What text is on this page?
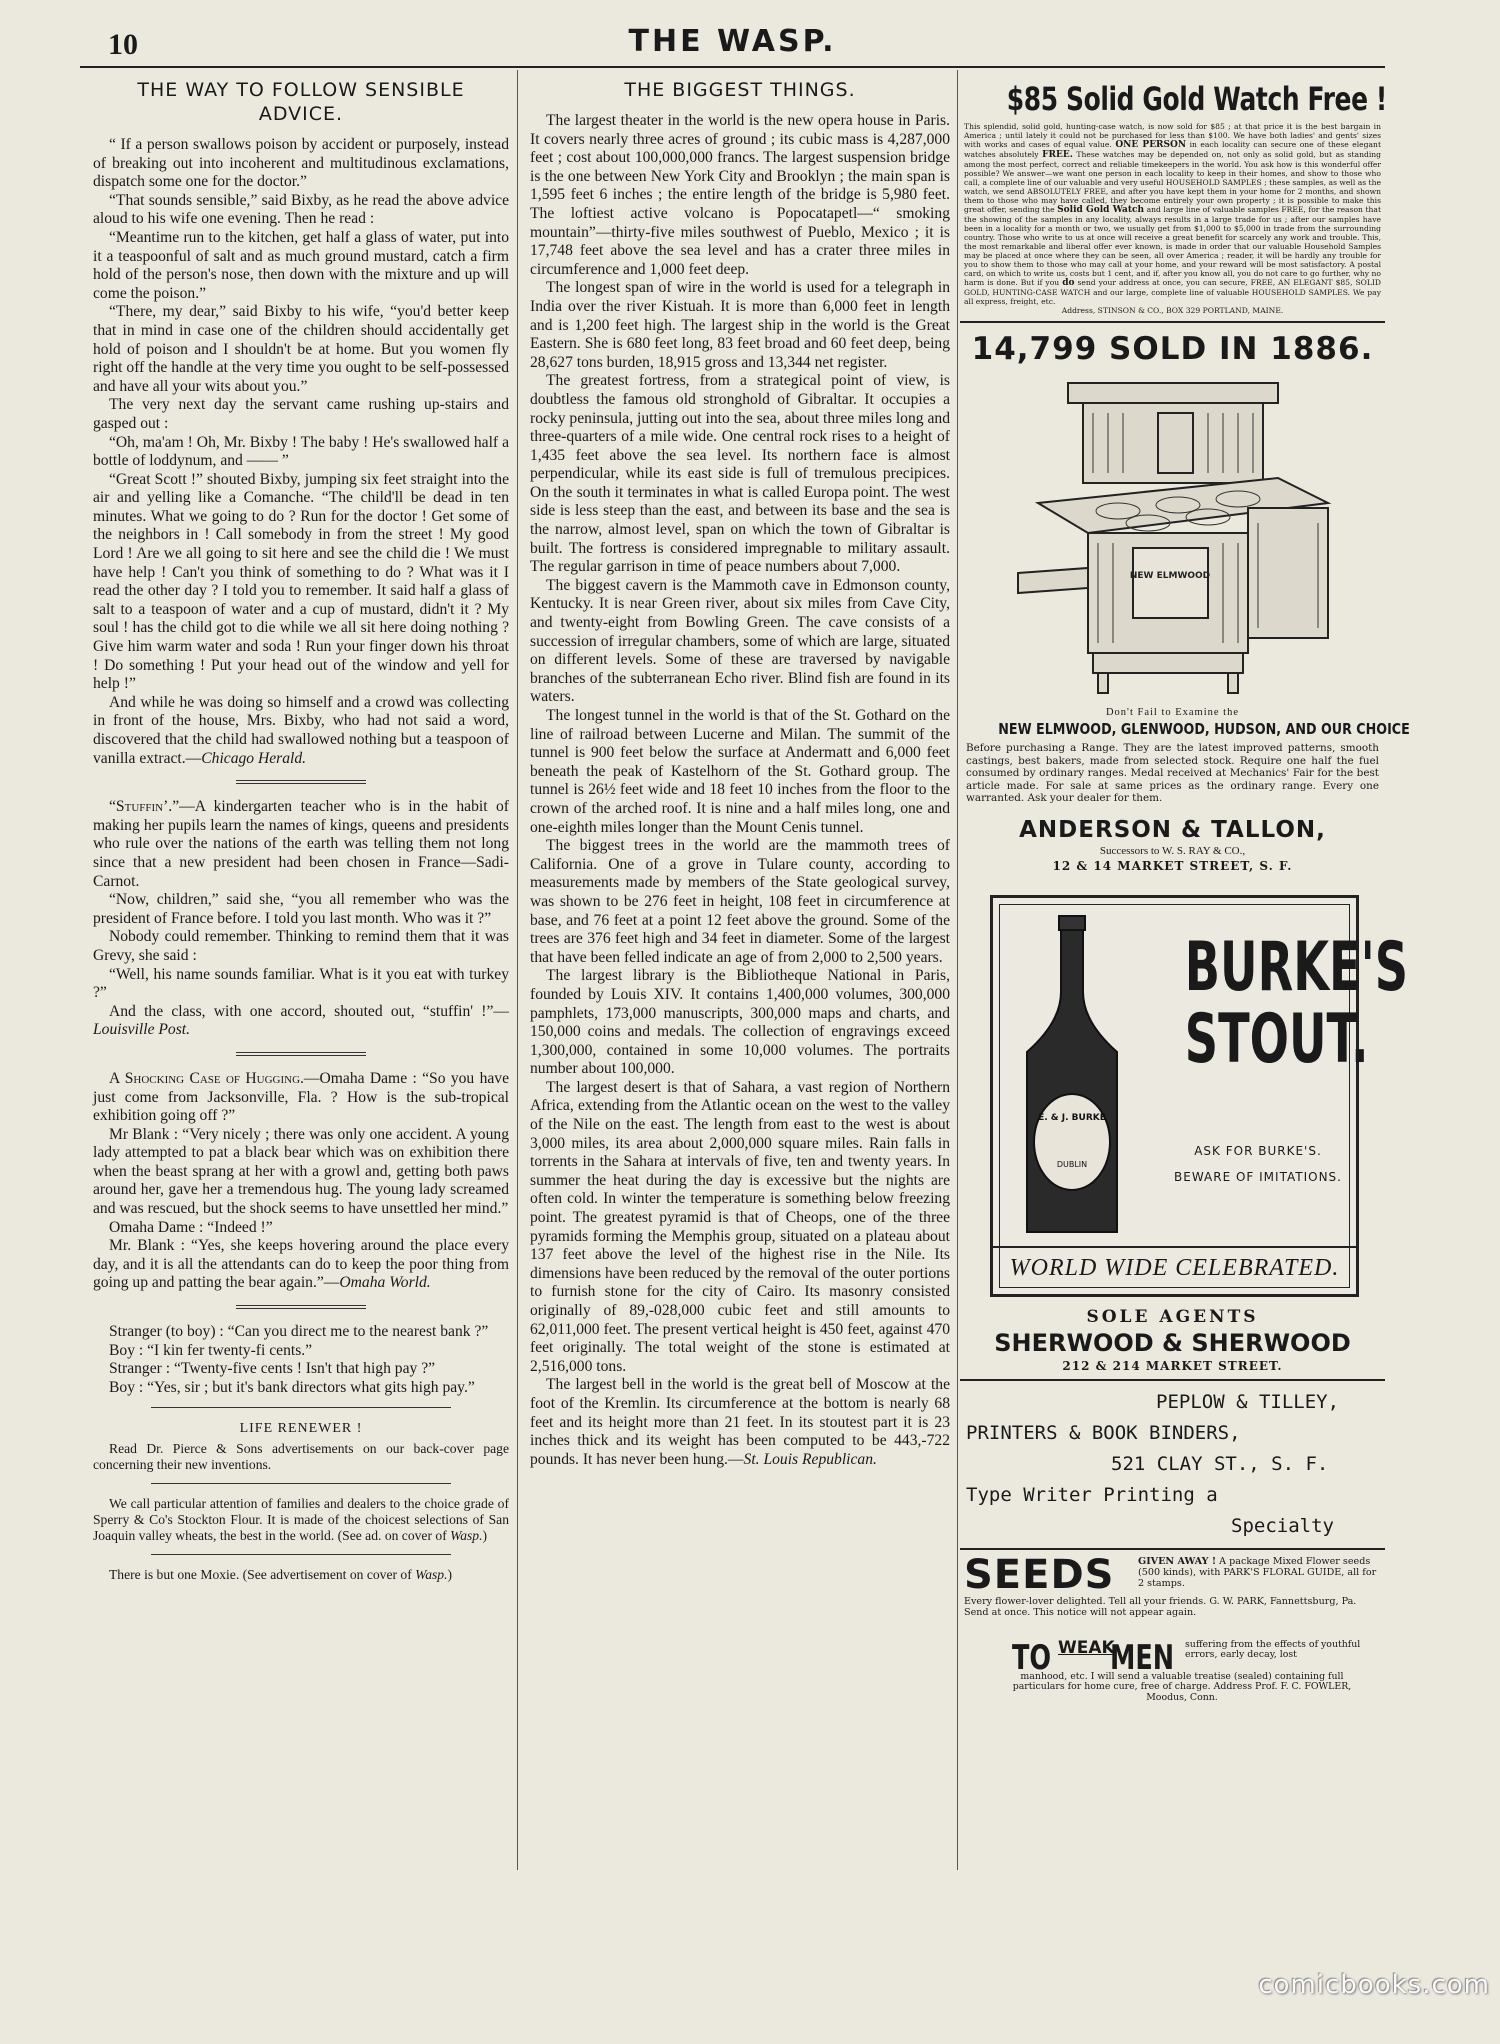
10	THE WASP.
THE WAY TO FOLLOW SENSIBLE ADVICE.

“ If a person swallows poison by accident or purposely, instead of breaking out into incoherent and multitudinous exclamations, dispatch some one for the doctor.”

“That sounds sensible,” said Bixby, as he read the above advice aloud to his wife one evening. Then he read :

“Meantime run to the kitchen, get half a glass of water, put into it a teaspoonful of salt and as much ground mustard, catch a firm hold of the person's nose, then down with the mixture and up will come the poison.”

“There, my dear,” said Bixby to his wife, “you'd better keep that in mind in case one of the children should accidentally get hold of poison and I shouldn't be at home. But you women fly right off the handle at the very time you ought to be self-possessed and have all your wits about you.”

The very next day the servant came rushing up-stairs and gasped out :

“Oh, ma'am ! Oh, Mr. Bixby ! The baby ! He's swallowed half a bottle of loddynum, and —— ”

“Great Scott !” shouted Bixby, jumping six feet straight into the air and yelling like a Comanche. “The child'll be dead in ten minutes. What we going to do ? Run for the doctor ! Get some of the neighbors in ! Call somebody in from the street ! My good Lord ! Are we all going to sit here and see the child die ! We must have help ! Can't you think of something to do ? What was it I read the other day ? I told you to remember. It said half a glass of salt to a teaspoon of water and a cup of mustard, didn't it ? My soul ! has the child got to die while we all sit here doing nothing ? Give him warm water and soda ! Run your finger down his throat ! Do something ! Put your head out of the window and yell for help !”

And while he was doing so himself and a crowd was collecting in front of the house, Mrs. Bixby, who had not said a word, discovered that the child had swallowed nothing but a teaspoon of vanilla extract.—Chicago Herald.

“Stuffin’.”—A kindergarten teacher who is in the habit of making her pupils learn the names of kings, queens and presidents who rule over the nations of the earth was telling them not long since that a new president had been chosen in France—Sadi-Carnot.

“Now, children,” said she, “you all remember who was the president of France before. I told you last month. Who was it ?”

Nobody could remember. Thinking to remind them that it was Grevy, she said :

“Well, his name sounds familiar. What is it you eat with turkey ?”

And the class, with one accord, shouted out, “stuffin' !”—Louisville Post.

A Shocking Case of Hugging.—Omaha Dame : “So you have just come from Jacksonville, Fla. ? How is the sub-tropical exhibition going off ?”

Mr Blank : “Very nicely ; there was only one accident. A young lady attempted to pat a black bear which was on exhibition there when the beast sprang at her with a growl and, getting both paws around her, gave her a tremendous hug. The young lady screamed and was rescued, but the shock seems to have unsettled her mind.”

Omaha Dame : “Indeed !”

Mr. Blank : “Yes, she keeps hovering around the place every day, and it is all the attendants can do to keep the poor thing from going up and patting the bear again.”—Omaha World.

Stranger (to boy) : “Can you direct me to the nearest bank ?”

Boy : “I kin fer twenty-fi cents.”

Stranger : “Twenty-five cents ! Isn't that high pay ?”

Boy : “Yes, sir ; but it's bank directors what gits high pay.”

LIFE RENEWER !

Read Dr. Pierce & Sons advertisements on our back-cover page concerning their new inventions.

We call particular attention of families and dealers to the choice grade of Sperry & Co's Stockton Flour. It is made of the choicest selections of San Joaquin valley wheats, the best in the world. (See ad. on cover of Wasp.)

There is but one Moxie. (See advertisement on cover of Wasp.)

THE BIGGEST THINGS.

The largest theater in the world is the new opera house in Paris. It covers nearly three acres of ground ; its cubic mass is 4,287,000 feet ; cost about 100,000,000 francs. The largest suspension bridge is the one between New York City and Brooklyn ; the main span is 1,595 feet 6 inches ; the entire length of the bridge is 5,980 feet. The loftiest active volcano is Popocatapetl—“ smoking mountain”—thirty-five miles southwest of Pueblo, Mexico ; it is 17,748 feet above the sea level and has a crater three miles in circumference and 1,000 feet deep.

The longest span of wire in the world is used for a telegraph in India over the river Kistuah. It is more than 6,000 feet in length and is 1,200 feet high. The largest ship in the world is the Great Eastern. She is 680 feet long, 83 feet broad and 60 feet deep, being 28,627 tons burden, 18,915 gross and 13,344 net register.

The greatest fortress, from a strategical point of view, is doubtless the famous old stronghold of Gibraltar. It occupies a rocky peninsula, jutting out into the sea, about three miles long and three-quarters of a mile wide. One central rock rises to a height of 1,435 feet above the sea level. Its northern face is almost perpendicular, while its east side is full of tremulous precipices. On the south it terminates in what is called Europa point. The west side is less steep than the east, and between its base and the sea is the narrow, almost level, span on which the town of Gibraltar is built. The fortress is considered impregnable to military assault. The regular garrison in time of peace numbers about 7,000.

The biggest cavern is the Mammoth cave in Edmonson county, Kentucky. It is near Green river, about six miles from Cave City, and twenty-eight from Bowling Green. The cave consists of a succession of irregular chambers, some of which are large, situated on different levels. Some of these are traversed by navigable branches of the subterranean Echo river. Blind fish are found in its waters.

The longest tunnel in the world is that of the St. Gothard on the line of railroad between Lucerne and Milan. The summit of the tunnel is 900 feet below the surface at Andermatt and 6,000 feet beneath the peak of Kastelhorn of the St. Gothard group. The tunnel is 26½ feet wide and 18 feet 10 inches from the floor to the crown of the arched roof. It is nine and a half miles long, one and one-eighth miles longer than the Mount Cenis tunnel.

The biggest trees in the world are the mammoth trees of California. One of a grove in Tulare county, according to measurements made by members of the State geological survey, was shown to be 276 feet in height, 108 feet in circumference at base, and 76 feet at a point 12 feet above the ground. Some of the trees are 376 feet high and 34 feet in diameter. Some of the largest that have been felled indicate an age of from 2,000 to 2,500 years.

The largest library is the Bibliotheque National in Paris, founded by Louis XIV. It contains 1,400,000 volumes, 300,000 pamphlets, 173,000 manuscripts, 300,000 maps and charts, and 150,000 coins and medals. The collection of engravings exceed 1,300,000, contained in some 10,000 volumes. The portraits number about 100,000.

The largest desert is that of Sahara, a vast region of Northern Africa, extending from the Atlantic ocean on the west to the valley of the Nile on the east. The length from east to the west is about 3,000 miles, its area about 2,000,000 square miles. Rain falls in torrents in the Sahara at intervals of five, ten and twenty years. In summer the heat during the day is excessive but the nights are often cold. In winter the temperature is something below freezing point. The greatest pyramid is that of Cheops, one of the three pyramids forming the Memphis group, situated on a plateau about 137 feet above the level of the highest rise in the Nile. Its dimensions have been reduced by the removal of the outer portions to furnish stone for the city of Cairo. Its masonry consisted originally of 89,-028,000 cubic feet and still amounts to 62,011,000 feet. The present vertical height is 450 feet, against 470 feet originally. The total weight of the stone is estimated at 2,516,000 tons.

The largest bell in the world is the great bell of Moscow at the foot of the Kremlin. Its circumference at the bottom is nearly 68 feet and its height more than 21 feet. In its stoutest part it is 23 inches thick and its weight has been computed to be 443,-722 pounds. It has never been hung.—St. Louis Republican.

$85 Solid Gold Watch Free !
This splendid, solid gold, hunting-case watch, is now sold for $85 ; at that price it is the best bargain in America ; until lately it could not be purchased for less than $100. We have both ladies' and gents' sizes with works and cases of equal value. ONE PERSON in each locality can secure one of these elegant watches absolutely FREE. These watches may be depended on, not only as solid gold, but as standing among the most perfect, correct and reliable timekeepers in the world. You ask how is this wonderful offer possible? We answer—we want one person in each locality to keep in their homes, and show to those who call, a complete line of our valuable and very useful HOUSEHOLD SAMPLES ; these samples, as well as the watch, we send ABSOLUTELY FREE, and after you have kept them in your home for 2 months, and shown them to those who may have called, they become entirely your own property ; it is possible to make this great offer, sending the Solid Gold Watch and large line of valuable samples FREE, for the reason that the showing of the samples in any locality, always results in a large trade for us ; after our samples have been in a locality for a month or two, we usually get from $1,000 to $5,000 in trade from the surrounding country. Those who write to us at once will receive a great benefit for scarcely any work and trouble. This, the most remarkable and liberal offer ever known, is made in order that our valuable Household Samples may be placed at once where they can be seen, all over America ; reader, it will be hardly any trouble for you to show them to those who may call at your home, and your reward will be most satisfactory. A postal card, on which to write us, costs but 1 cent, and if, after you know all, you do not care to go further, why no harm is done. But if you do send your address at once, you can secure, FREE, AN ELEGANT $85, SOLID GOLD, HUNTING-CASE WATCH and our large, complete line of valuable HOUSEHOLD SAMPLES. We pay all express, freight, etc.
Address, STINSON & CO., BOX 329 PORTLAND, MAINE.
14,799 SOLD IN 1886.
NEW ELMWOOD
Don't Fail to Examine the
NEW ELMWOOD, GLENWOOD, HUDSON, AND OUR CHOICE
Before purchasing a Range. They are the latest improved patterns, smooth castings, best bakers, made from selected stock. Require one half the fuel consumed by ordinary ranges. Medal received at Mechanics' Fair for the best article made. For sale at same prices as the ordinary range. Every one warranted. Ask your dealer for them.
ANDERSON & TALLON,
Successors to W. S. RAY & CO.,
12 & 14 MARKET STREET, S. F.
E. & J. BURKE
DUBLIN
BURKE'S
STOUT.
ASK FOR BURKE'S.
BEWARE OF IMITATIONS.
WORLD WIDE CELEBRATED.
SOLE AGENTS
SHERWOOD & SHERWOOD
212 & 214 MARKET STREET.
PEPLOW & TILLEY,
PRINTERS & BOOK BINDERS,
521 CLAY ST., S. F.
Type Writer Printing a
Specialty
SEEDS GIVEN AWAY ! A package Mixed Flower seeds (500 kinds), with PARK'S FLORAL GUIDE, all for 2 stamps.
Every flower-lover delighted. Tell all your friends. G. W. PARK, Fannettsburg, Pa.
Send at once. This notice will not appear again.
TO WEAK
MEN suffering from the effects of youthful errors, early decay, lost
manhood, etc. I will send a valuable treatise (sealed) containing full particulars for home cure, free of charge. Address Prof. F. C. FOWLER, Moodus, Conn.
comicbooks.com
